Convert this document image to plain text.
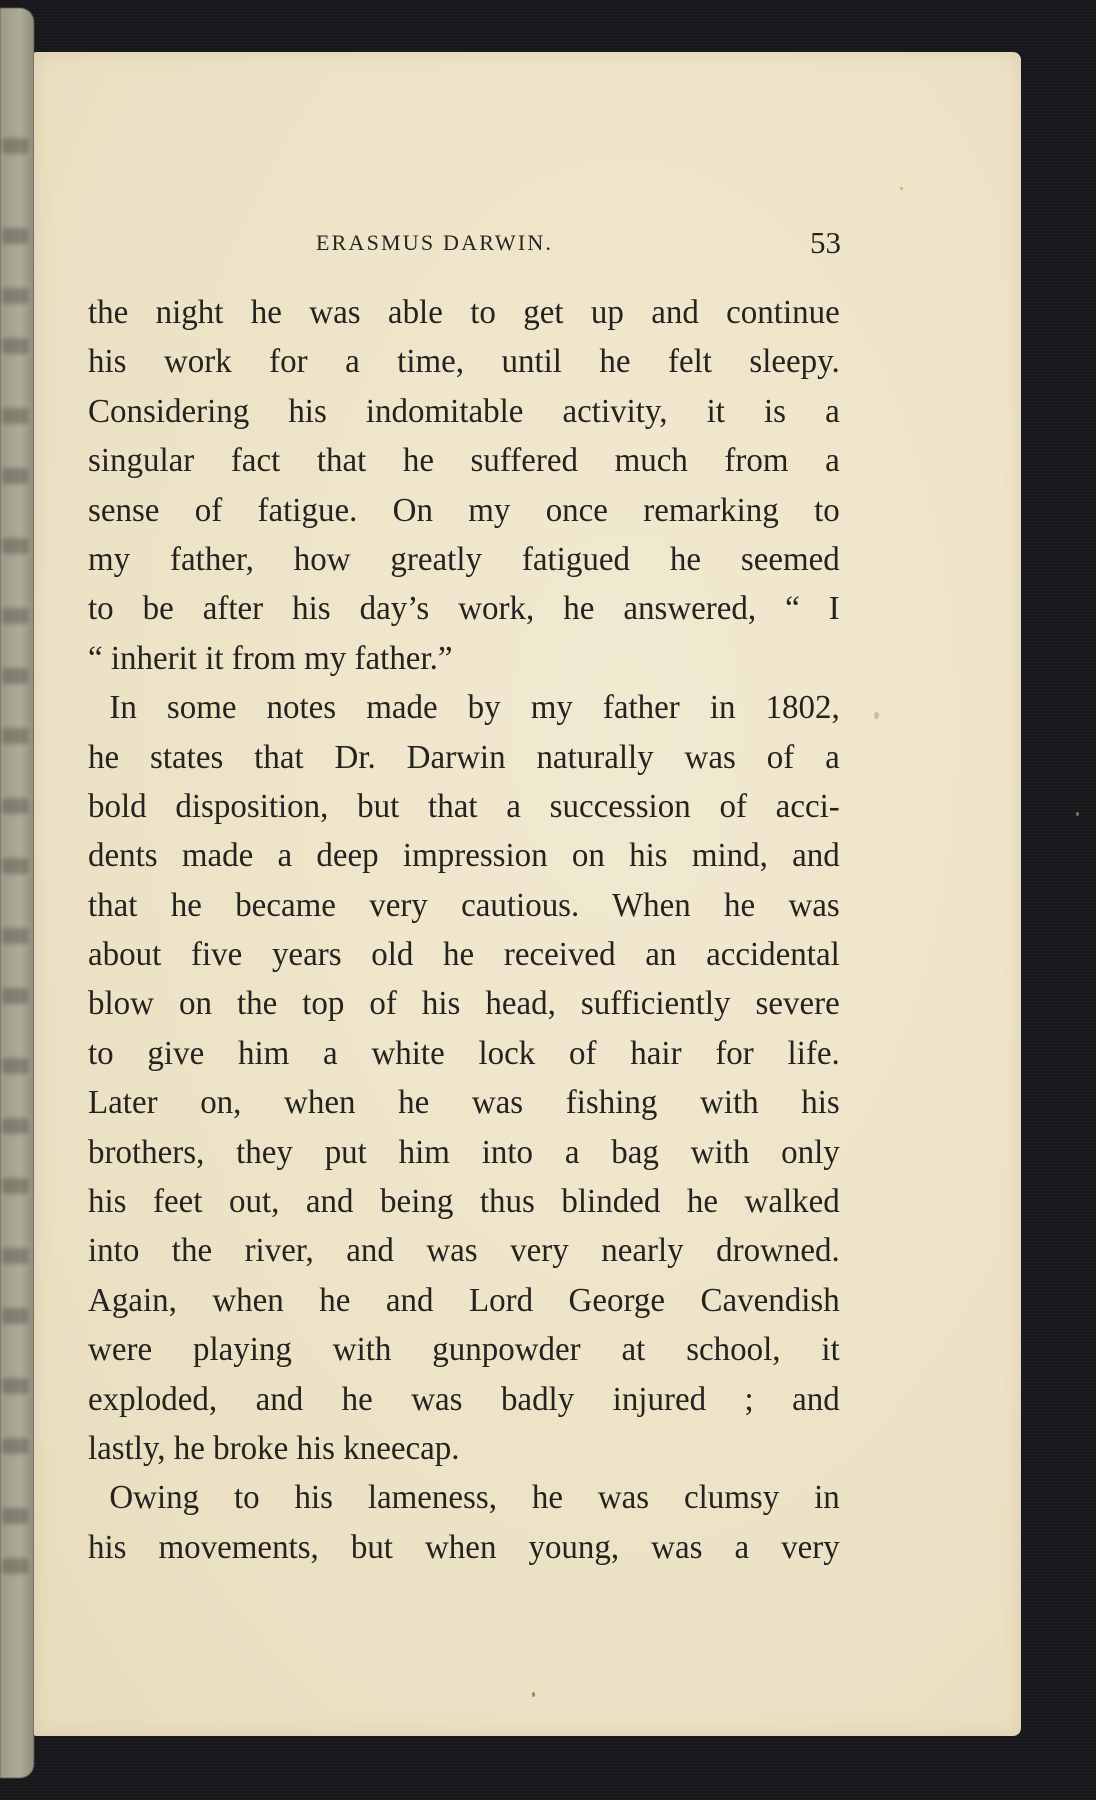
ERASMUS DARWIN.	53
the night he was able to get up and continue
his work for a time, until he felt sleepy.
Considering his indomitable activity, it is a
singular fact that he suffered much from a
sense of fatigue. On my once remarking to
my father, how greatly fatigued he seemed
to be after his day’s work, he answered, “ I
“ inherit it from my father.”
In some notes made by my father in 1802,
he states that Dr. Darwin naturally was of a
bold disposition, but that a succession of acci-
dents made a deep impression on his mind, and
that he became very cautious. When he was
about five years old he received an accidental
blow on the top of his head, sufficiently severe
to give him a white lock of hair for life.
Later on, when he was fishing with his
brothers, they put him into a bag with only
his feet out, and being thus blinded he walked
into the river, and was very nearly drowned.
Again, when he and Lord George Cavendish
were playing with gunpowder at school, it
exploded, and he was badly injured ; and
lastly, he broke his kneecap.
Owing to his lameness, he was clumsy in
his movements, but when young, was a very
